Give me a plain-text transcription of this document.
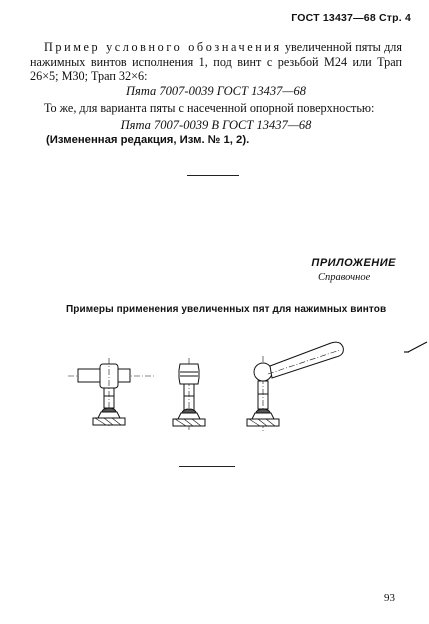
ГОСТ 13437—68 Стр. 4
Пример условного обозначения увеличенной пяты для нажимных винтов исполнения 1, под винт с резьбой М24 или Трап 26×5; М30; Трап 32×6:
Пята 7007-0039 ГОСТ 13437—68
То же, для варианта пяты с насеченной опорной поверхностью:
Пята 7007-0039 В ГОСТ 13437—68
(Измененная редакция, Изм. № 1, 2).
ПРИЛОЖЕНИЕ
Справочное
Примеры применения увеличенных пят для нажимных винтов
93
